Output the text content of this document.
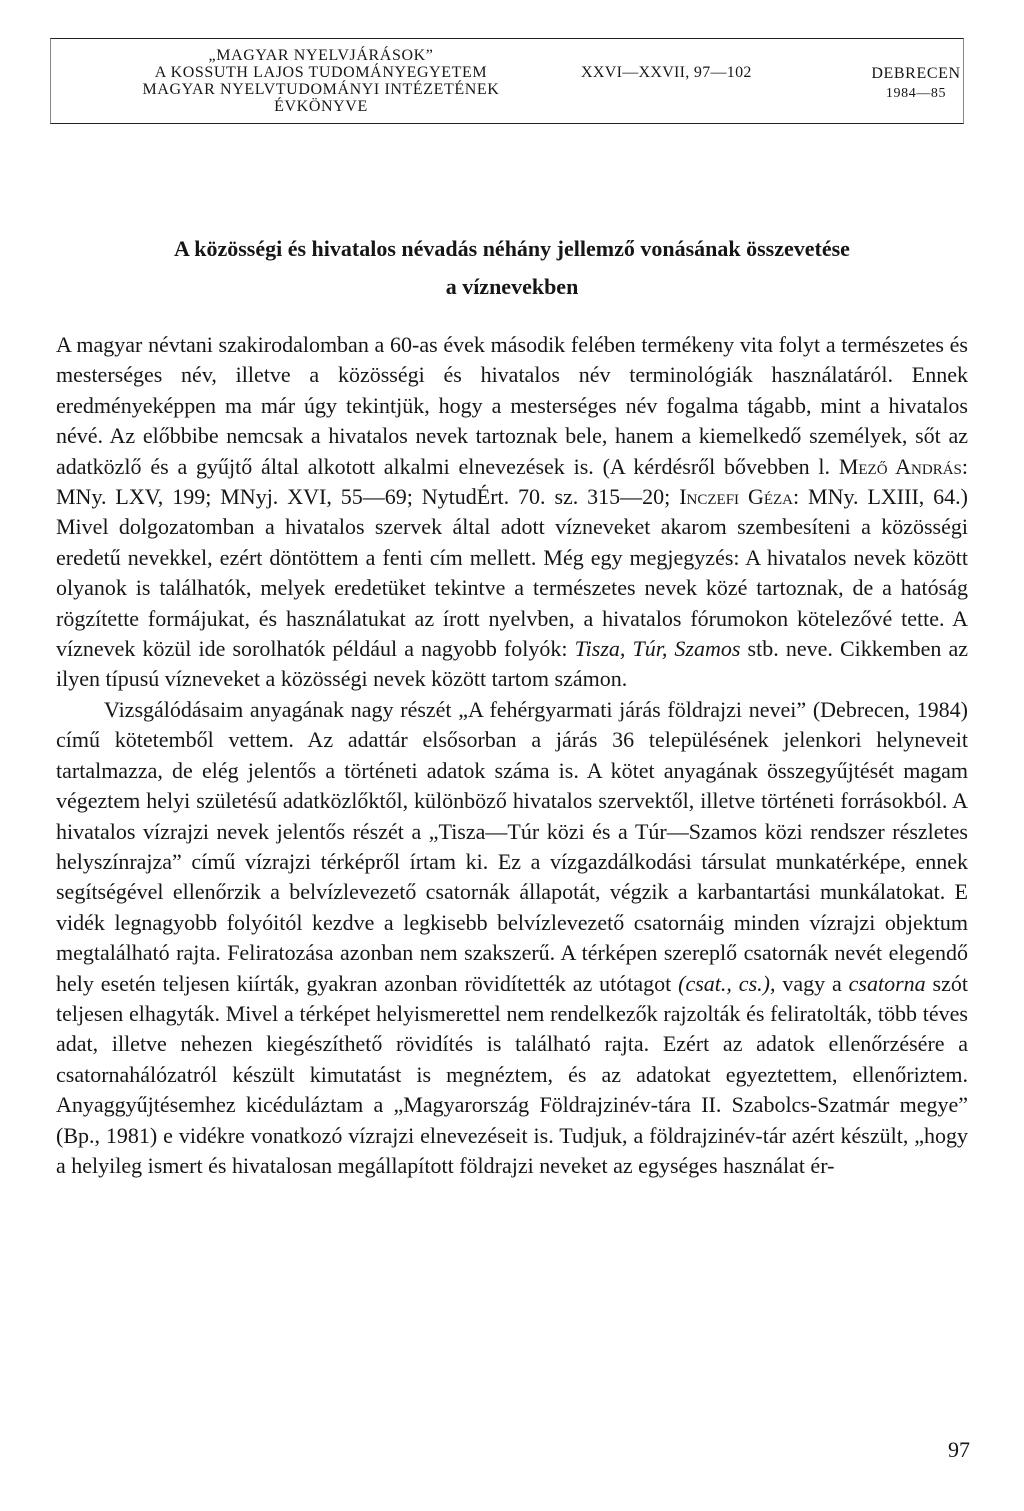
„MAGYAR NYELVJÁRÁSOK”
A KOSSUTH LAJOS TUDOMÁNYEGYETEM
MAGYAR NYELVTUDOMÁNYI INTÉZETÉNEK
ÉVKÖNYVE
XXVI—XXVII, 97—102	DEBRECEN
1984—85
A közösségi és hivatalos névadás néhány jellemző vonásának összevetése
a víznevekben

A magyar névtani szakirodalomban a 60-as évek második felében termékeny vita folyt a természetes és mesterséges név, illetve a közösségi és hivatalos név terminológiák használatáról. Ennek eredményeképpen ma már úgy tekintjük, hogy a mesterséges név fogalma tágabb, mint a hivatalos névé. Az előbbibe nemcsak a hivatalos nevek tartoznak bele, hanem a kiemelkedő személyek, sőt az adatközlő és a gyűjtő által alkotott alkalmi elnevezések is. (A kérdésről bővebben l. Mező András: MNy. LXV, 199; MNyj. XVI, 55—69; NytudÉrt. 70. sz. 315—20; Inczefi Géza: MNy. LXIII, 64.) Mivel dolgozatomban a hivatalos szervek által adott vízneveket akarom szembesíteni a közösségi eredetű nevekkel, ezért döntöttem a fenti cím mellett. Még egy megjegyzés: A hivatalos nevek között olyanok is találhatók, melyek eredetüket tekintve a természetes nevek közé tartoznak, de a hatóság rögzítette formájukat, és használatukat az írott nyelvben, a hivatalos fórumokon kötelezővé tette. A víznevek közül ide sorolhatók például a nagyobb folyók: Tisza, Túr, Szamos stb. neve. Cikkemben az ilyen típusú vízneveket a közösségi nevek között tartom számon.

Vizsgálódásaim anyagának nagy részét „A fehérgyarmati járás földrajzi nevei” (Debrecen, 1984) című kötetemből vettem. Az adattár elsősorban a járás 36 településének jelenkori helyneveit tartalmazza, de elég jelentős a történeti adatok száma is. A kötet anyagának összegyűjtését magam végeztem helyi születésű adatközlőktől, különböző hivatalos szervektől, illetve történeti forrásokból. A hivatalos vízrajzi nevek jelentős részét a „Tisza—Túr közi és a Túr—Szamos közi rendszer részletes helyszínrajza” című vízrajzi térképről írtam ki. Ez a vízgazdálkodási társulat munkatérképe, ennek segítségével ellenőrzik a belvízlevezető csatornák állapotát, végzik a karbantartási munkálatokat. E vidék legnagyobb folyóitól kezdve a legkisebb belvízlevezető csatornáig minden vízrajzi objektum megtalálható rajta. Feliratozása azonban nem szakszerű. A térképen szereplő csatornák nevét elegendő hely esetén teljesen kiírták, gyakran azonban rövidítették az utótagot (csat., cs.), vagy a csatorna szót teljesen elhagyták. Mivel a térképet helyismerettel nem rendelkezők rajzolták és feliratolták, több téves adat, illetve nehezen kiegészíthető rövidítés is található rajta. Ezért az adatok ellenőrzésére a csatornahálózatról készült kimutatást is megnéztem, és az adatokat egyeztettem, ellenőriztem. Anyaggyűjtésemhez kicéduláztam a „Magyarország Földrajzinév-tára II. Szabolcs-Szatmár megye” (Bp., 1981) e vidékre vonatkozó vízrajzi elnevezéseit is. Tudjuk, a földrajzinév-tár azért készült, „hogy a helyileg ismert és hivatalosan megállapított földrajzi neveket az egységes használat ér-

97
